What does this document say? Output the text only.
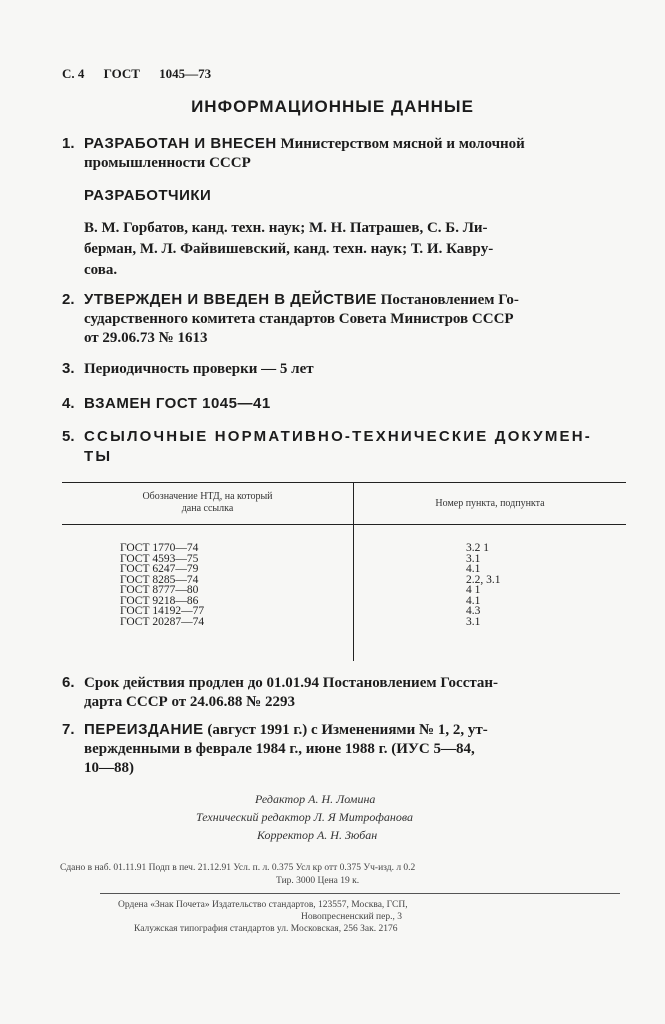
С. 4 ГОСТ 1045—73
ИНФОРМАЦИОННЫЕ ДАННЫЕ
1. РАЗРАБОТАН И ВНЕСЕН Министерством мясной и молочной
промышленности СССР
РАЗРАБОТЧИКИ
В. М. Горбатов, канд. техн. наук; М. Н. Патрашев, С. Б. Ли-
берман, М. Л. Файвишевский, канд. техн. наук; Т. И. Каврy-
сова.
2. УТВЕРЖДЕН И ВВЕДЕН В ДЕЙСТВИЕ Постановлением Го-
сударственного комитета стандартов Совета Министров СССР
от 29.06.73 № 1613
3. Периодичность проверки — 5 лет
4. ВЗАМЕН ГОСТ 1045—41
5. ССЫЛОЧНЫЕ НОРМАТИВНО-ТЕХНИЧЕСКИЕ ДОКУМЕН-
ТЫ
Обозначение НТД, на который
дана ссылка	Номер пункта, подпункта
ГОСТ 1770—74
ГОСТ 4593—75
ГОСТ 6247—79
ГОСТ 8285—74
ГОСТ 8777—80
ГОСТ 9218—86
ГОСТ 14192—77
ГОСТ 20287—74
3.2 1
3.1
4.1
2.2, 3.1
4 1
4.1
4.3
3.1
6. Срок действия продлен до 01.01.94 Постановлением Госстан-
дарта СССР от 24.06.88 № 2293
7. ПЕРЕИЗДАНИЕ (август 1991 г.) с Изменениями № 1, 2, ут-
вержденными в феврале 1984 г., июне 1988 г. (ИУС 5—84,
10—88)
Редактор А. Н. Ломина
Технический редактор Л. Я Митрофанова
Корректор А. Н. Зюбан
Сдано в наб. 01.11.91 Подп в печ. 21.12.91 Усл. п. л. 0.375 Усл кр отт 0.375 Уч-изд. л 0.2
Тир. 3000 Цена 19 к.
Ордена «Знак Почета» Издательство стандартов, 123557, Москва, ГСП,
Новопресненский пер., 3
Калужская типография стандартов ул. Московская, 256 Зак. 2176
